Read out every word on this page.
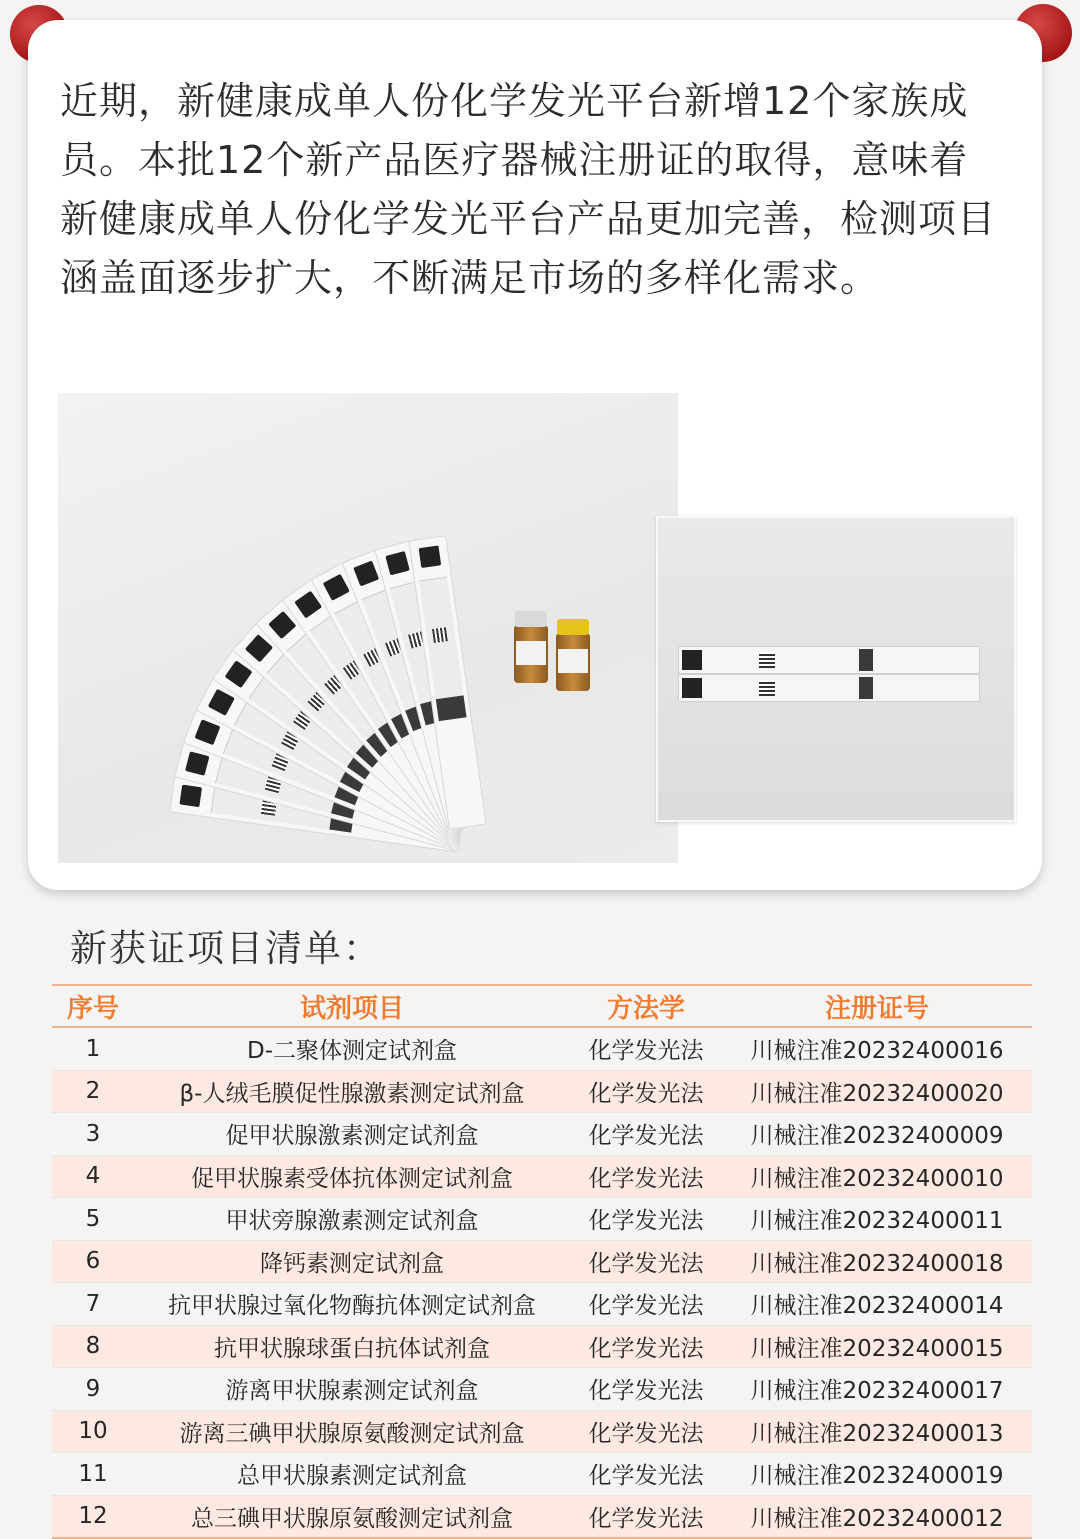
近期，新健康成单人份化学发光平台新增12个家族成员。本批12个新产品医疗器械注册证的取得，意味着新健康成单人份化学发光平台产品更加完善，检测项目涵盖面逐步扩大，不断满足市场的多样化需求。

新获证项目清单：
序号	试剂项目	方法学	注册证号
1	D-二聚体测定试剂盒	化学发光法	川械注准20232400016
2	β-人绒毛膜促性腺激素测定试剂盒	化学发光法	川械注准20232400020
3	促甲状腺激素测定试剂盒	化学发光法	川械注准20232400009
4	促甲状腺素受体抗体测定试剂盒	化学发光法	川械注准20232400010
5	甲状旁腺激素测定试剂盒	化学发光法	川械注准20232400011
6	降钙素测定试剂盒	化学发光法	川械注准20232400018
7	抗甲状腺过氧化物酶抗体测定试剂盒	化学发光法	川械注准20232400014
8	抗甲状腺球蛋白抗体试剂盒	化学发光法	川械注准20232400015
9	游离甲状腺素测定试剂盒	化学发光法	川械注准20232400017
10	游离三碘甲状腺原氨酸测定试剂盒	化学发光法	川械注准20232400013
11	总甲状腺素测定试剂盒	化学发光法	川械注准20232400019
12	总三碘甲状腺原氨酸测定试剂盒	化学发光法	川械注准20232400012
